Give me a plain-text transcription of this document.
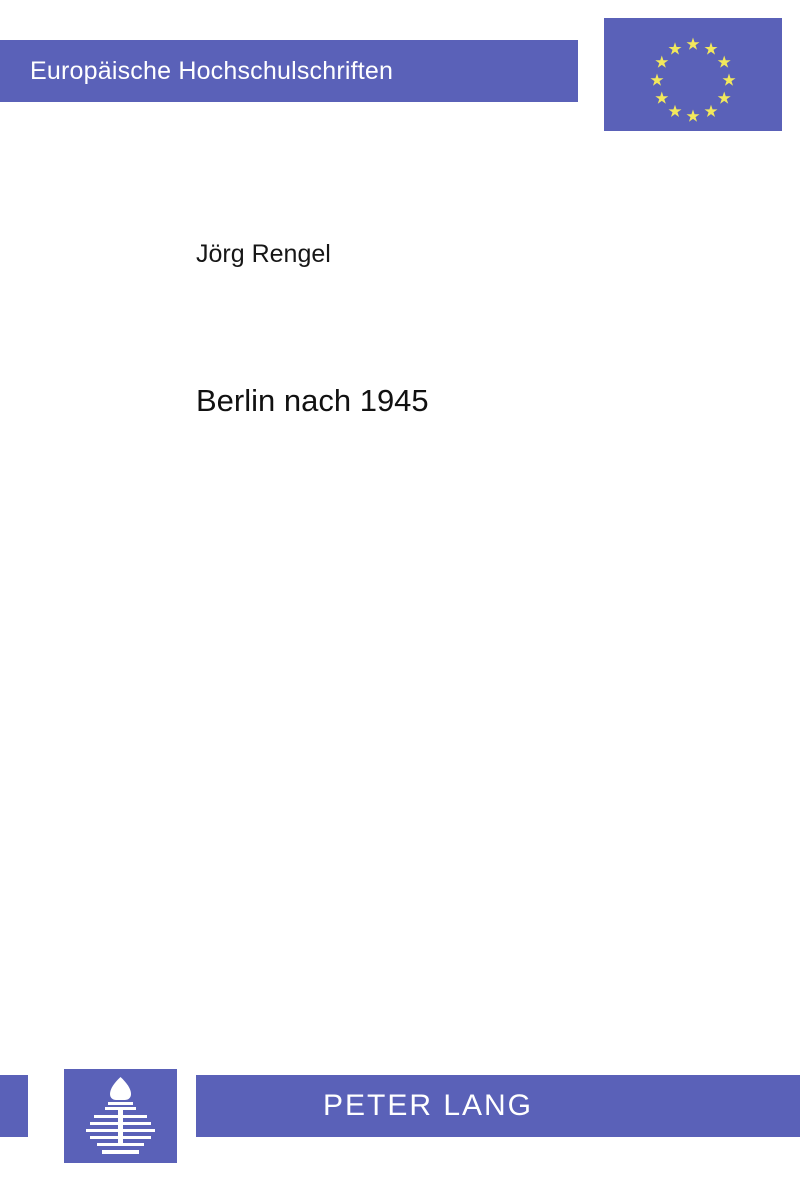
Europäische Hochschulschriften
Jörg Rengel
Berlin nach 1945
PETER LANG
